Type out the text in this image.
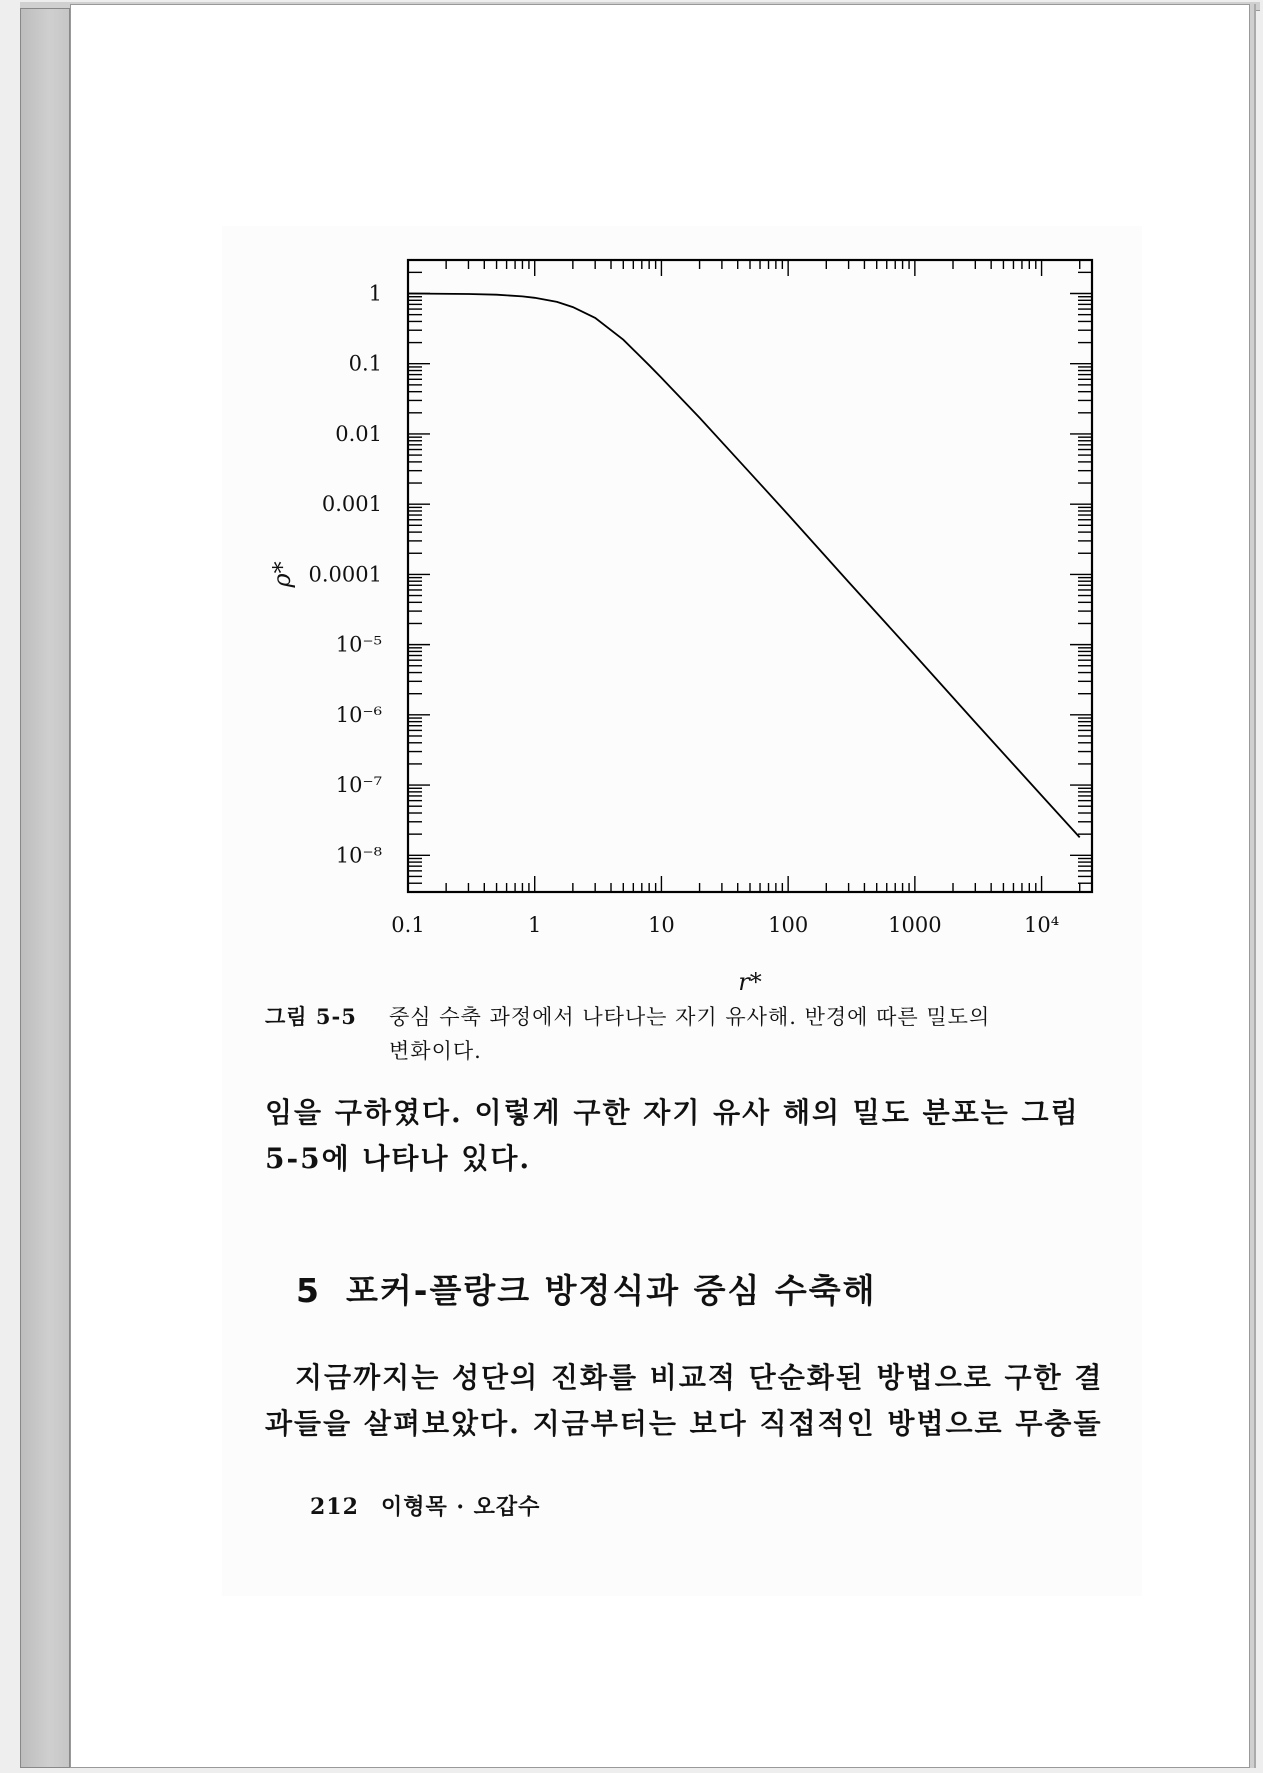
0.1	1	10	100	1000	10⁴
1
0.1
0.01
0.001
0.0001
10⁻⁵
10⁻⁶
10⁻⁷
10⁻⁸
r*
ρ*
그림 5-5 중심 수축 과정에서 나타나는 자기 유사해. 반경에 따른 밀도의
변화이다.
임을 구하였다. 이렇게 구한 자기 유사 해의 밀도 분포는 그림
5-5에 나타나 있다.
5 포커-플랑크 방정식과 중심 수축해
지금까지는 성단의 진화를 비교적 단순화된 방법으로 구한 결
과들을 살펴보았다. 지금부터는 보다 직접적인 방법으로 무충돌
212 이형목 · 오갑수
